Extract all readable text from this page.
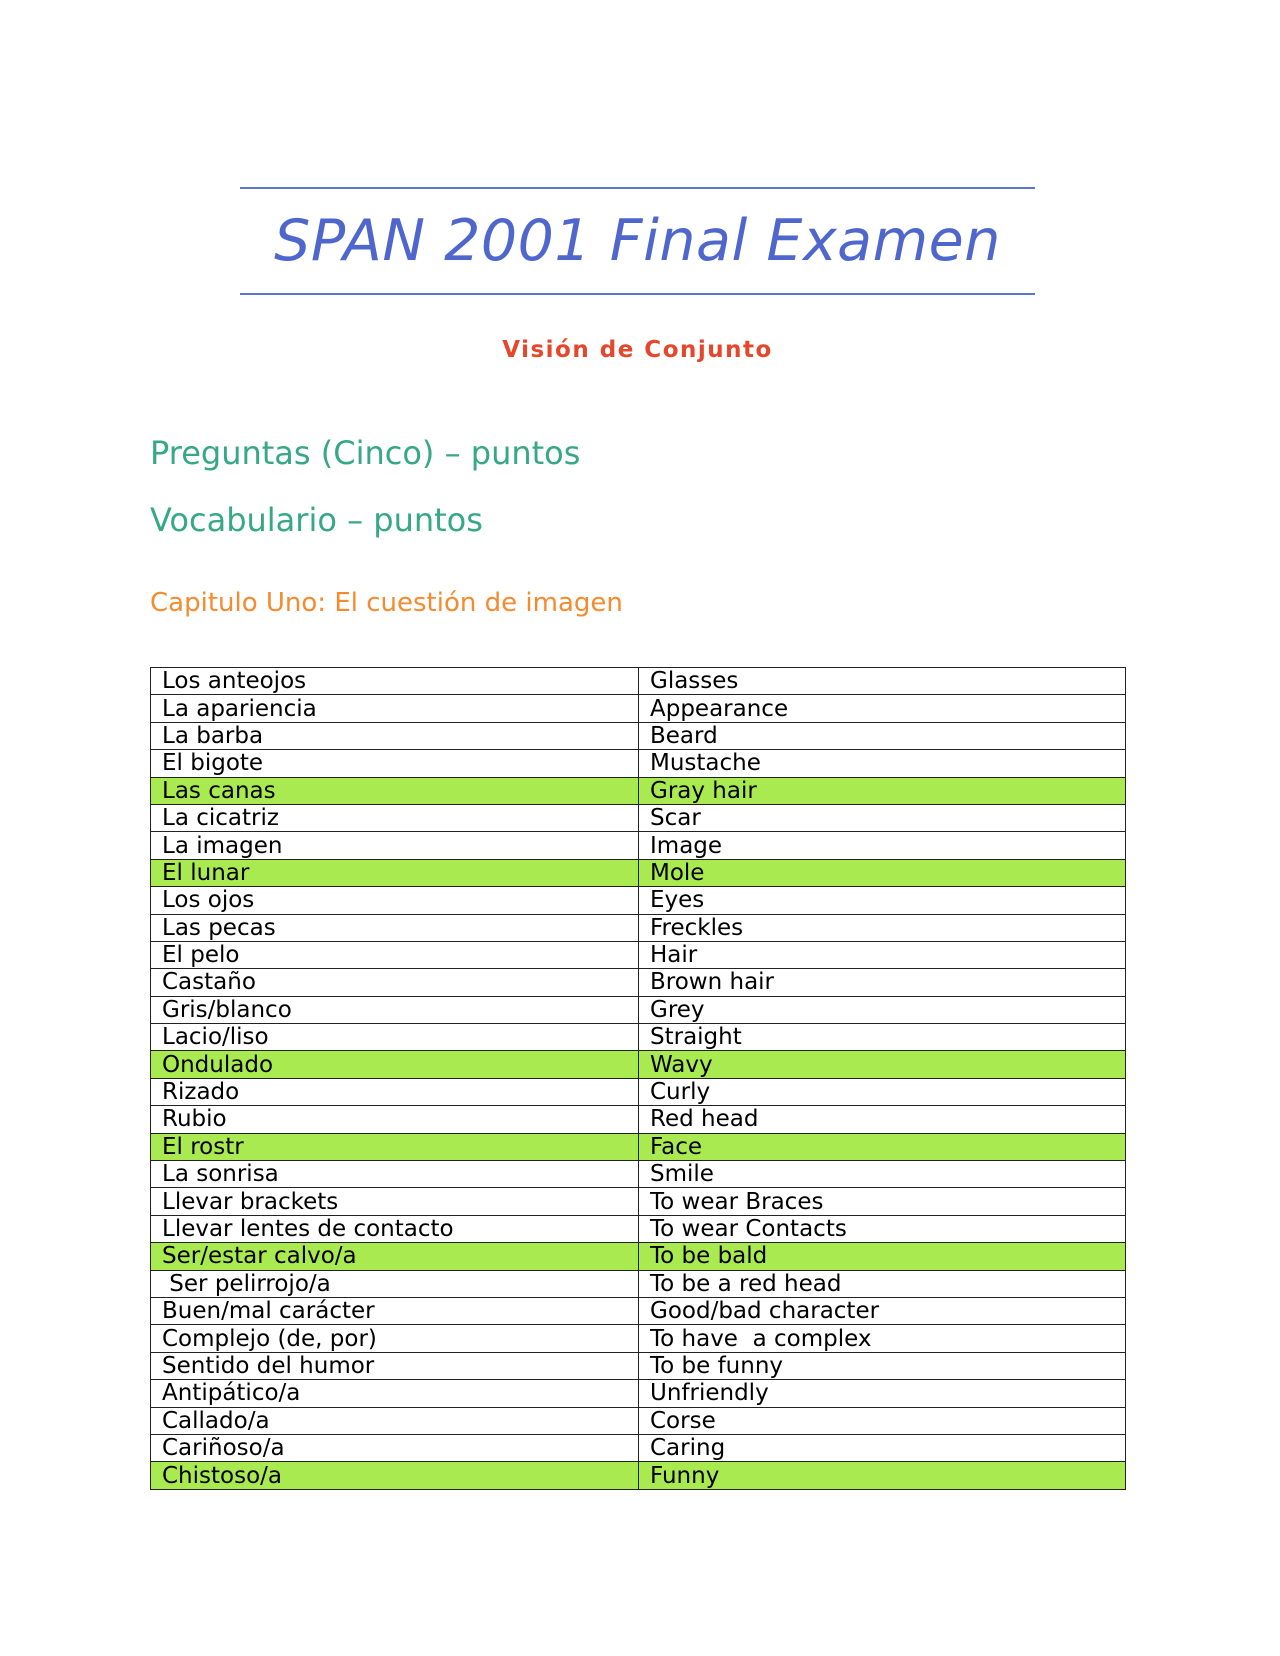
SPAN 2001 Final Examen
Visión de Conjunto
Preguntas (Cinco) – puntos
Vocabulario – puntos
Capitulo Uno: El cuestión de imagen
Los anteojos	Glasses
La apariencia	Appearance
La barba	Beard
El bigote	Mustache
Las canas	Gray hair
La cicatriz	Scar
La imagen	Image
El lunar	Mole
Los ojos	Eyes
Las pecas	Freckles
El pelo	Hair
Castaño	Brown hair
Gris/blanco	Grey
Lacio/liso	Straight
Ondulado	Wavy
Rizado	Curly
Rubio	Red head
El rostr	Face
La sonrisa	Smile
Llevar brackets	To wear Braces
Llevar lentes de contacto	To wear Contacts
Ser/estar calvo/a	To be bald
Ser pelirrojo/a	To be a red head
Buen/mal carácter	Good/bad character
Complejo (de, por)	To have  a complex
Sentido del humor	To be funny
Antipático/a	Unfriendly
Callado/a	Corse
Cariñoso/a	Caring
Chistoso/a	Funny
